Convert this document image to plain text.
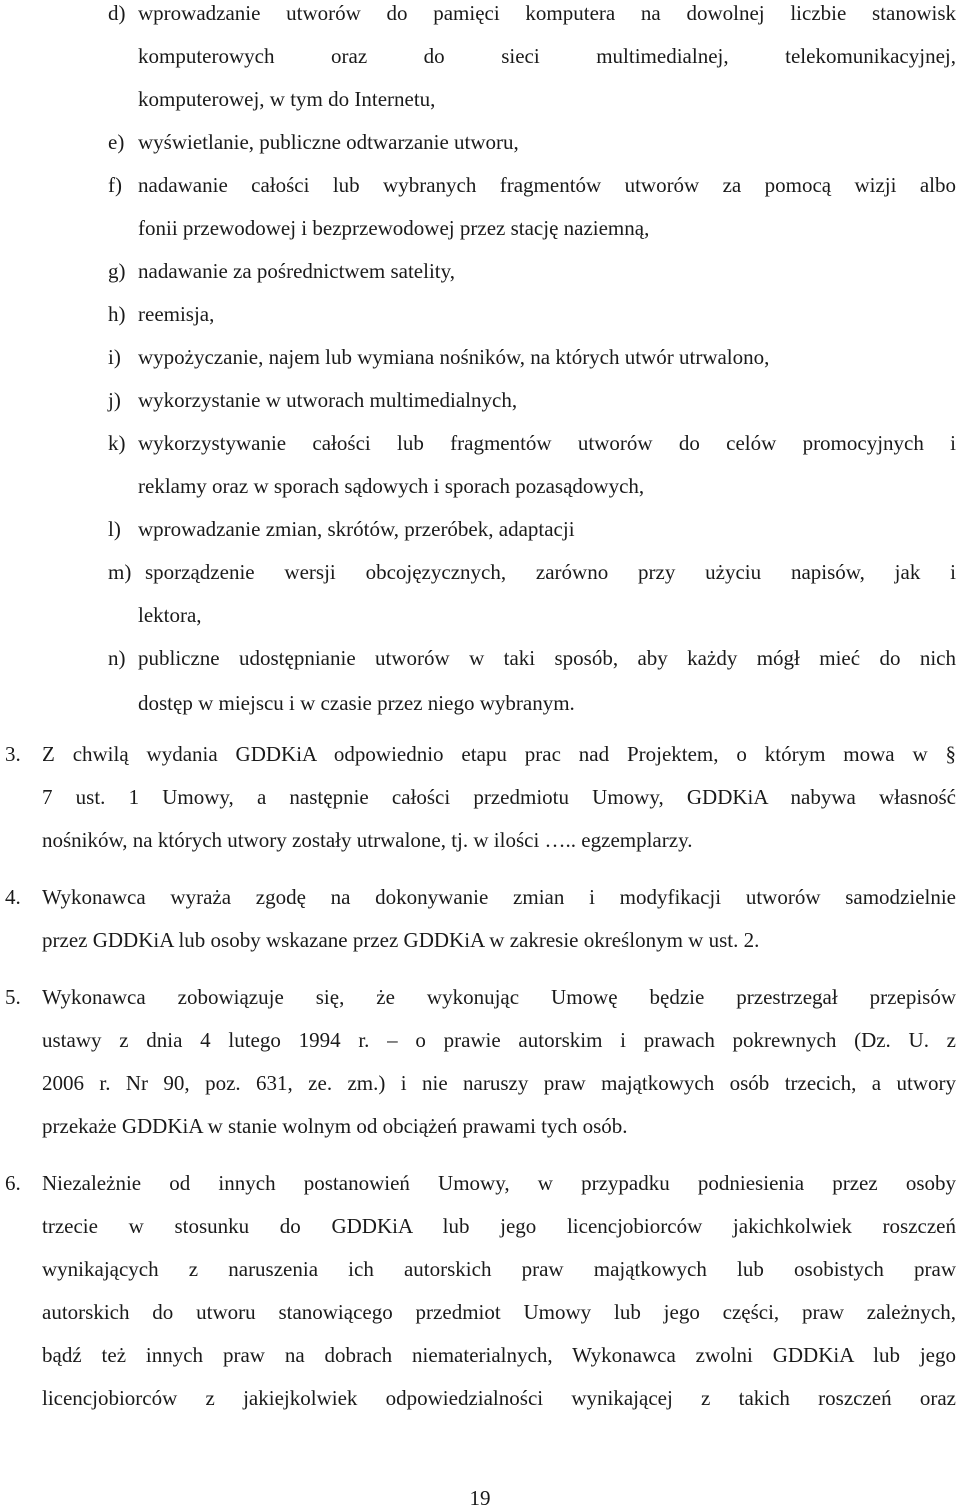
d) wprowadzanie utworów do pamięci komputera na dowolnej liczbie stanowisk
komputerowych oraz do sieci multimedialnej, telekomunikacyjnej,
komputerowej, w tym do Internetu,
e) wyświetlanie, publiczne odtwarzanie utworu,
f) nadawanie całości lub wybranych fragmentów utworów za pomocą wizji albo
fonii przewodowej i bezprzewodowej przez stację naziemną,
g) nadawanie za pośrednictwem satelity,
h) reemisja,
i) wypożyczanie, najem lub wymiana nośników, na których utwór utrwalono,
j) wykorzystanie w utworach multimedialnych,
k) wykorzystywanie całości lub fragmentów utworów do celów promocyjnych i
reklamy oraz w sporach sądowych i sporach pozasądowych,
l) wprowadzanie zmian, skrótów, przeróbek, adaptacji
m) sporządzenie wersji obcojęzycznych, zarówno przy użyciu napisów, jak i
lektora,
n) publiczne udostępnianie utworów w taki sposób, aby każdy mógł mieć do nich
dostęp w miejscu i w czasie przez niego wybranym.
3. Z chwilą wydania GDDKiA odpowiednio etapu prac nad Projektem, o którym mowa w §
7 ust. 1 Umowy, a następnie całości przedmiotu Umowy, GDDKiA nabywa własność
nośników, na których utwory zostały utrwalone, tj. w ilości ….. egzemplarzy.
4. Wykonawca wyraża zgodę na dokonywanie zmian i modyfikacji utworów samodzielnie
przez GDDKiA lub osoby wskazane przez GDDKiA w zakresie określonym w ust. 2.
5. Wykonawca zobowiązuje się, że wykonując Umowę będzie przestrzegał przepisów
ustawy z dnia 4 lutego 1994 r. – o prawie autorskim i prawach pokrewnych (Dz. U. z
2006 r. Nr 90, poz. 631, ze. zm.) i nie naruszy praw majątkowych osób trzecich, a utwory
przekaże GDDKiA w stanie wolnym od obciążeń prawami tych osób.
6. Niezależnie od innych postanowień Umowy, w przypadku podniesienia przez osoby
trzecie w stosunku do GDDKiA lub jego licencjobiorców jakichkolwiek roszczeń
wynikających z naruszenia ich autorskich praw majątkowych lub osobistych praw
autorskich do utworu stanowiącego przedmiot Umowy lub jego części, praw zależnych,
bądź też innych praw na dobrach niematerialnych, Wykonawca zwolni GDDKiA lub jego
licencjobiorców z jakiejkolwiek odpowiedzialności wynikającej z takich roszczeń oraz
19
